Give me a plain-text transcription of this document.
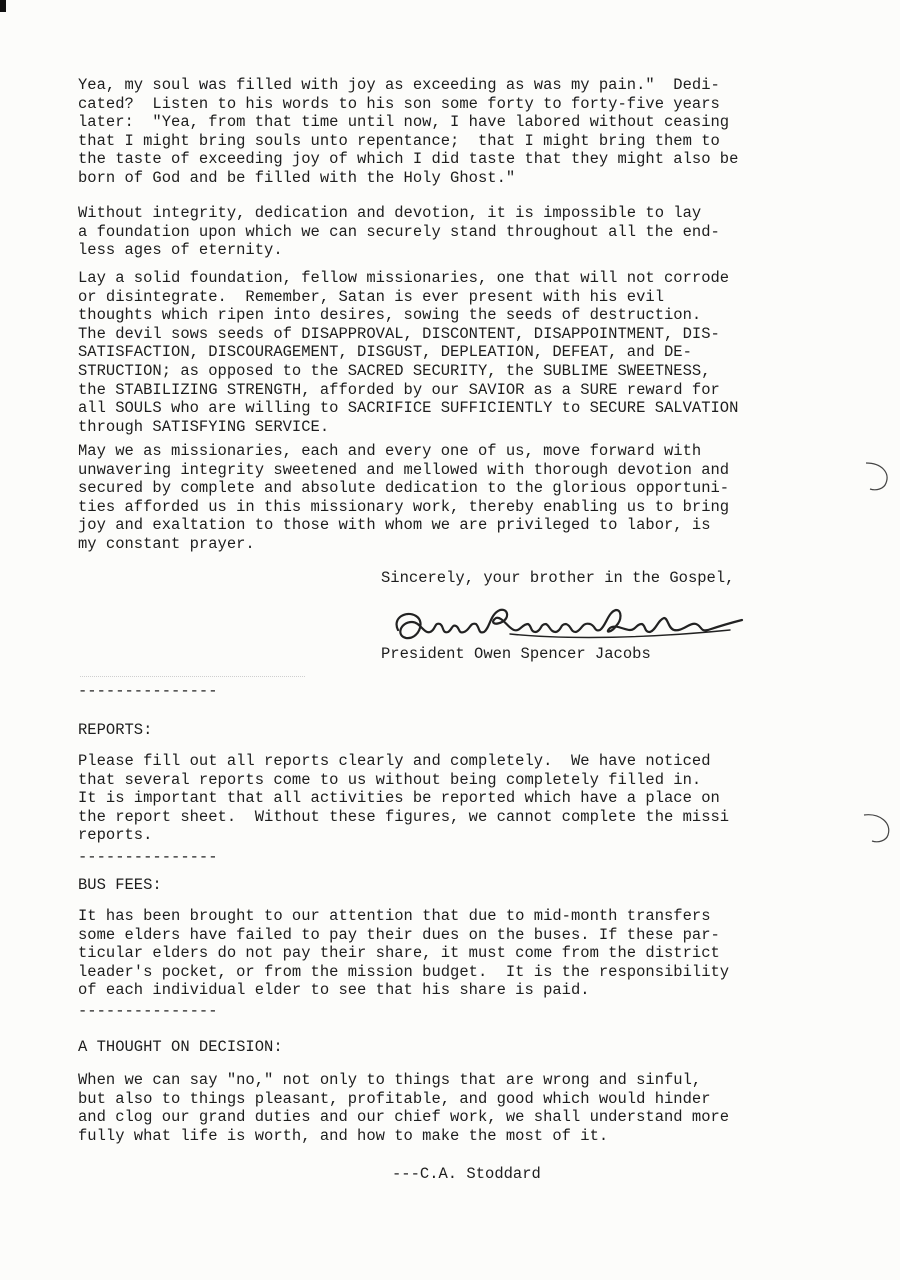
Yea, my soul was filled with joy as exceeding as was my pain."  Dedi-
cated?  Listen to his words to his son some forty to forty-five years
later:  "Yea, from that time until now, I have labored without ceasing
that I might bring souls unto repentance;  that I might bring them to
the taste of exceeding joy of which I did taste that they might also be
born of God and be filled with the Holy Ghost."
Without integrity, dedication and devotion, it is impossible to lay
a foundation upon which we can securely stand throughout all the end-
less ages of eternity.
Lay a solid foundation, fellow missionaries, one that will not corrode
or disintegrate.  Remember, Satan is ever present with his evil
thoughts which ripen into desires, sowing the seeds of destruction.
The devil sows seeds of DISAPPROVAL, DISCONTENT, DISAPPOINTMENT, DIS-
SATISFACTION, DISCOURAGEMENT, DISGUST, DEPLEATION, DEFEAT, and DE-
STRUCTION; as opposed to the SACRED SECURITY, the SUBLIME SWEETNESS,
the STABILIZING STRENGTH, afforded by our SAVIOR as a SURE reward for
all SOULS who are willing to SACRIFICE SUFFICIENTLY to SECURE SALVATION
through SATISFYING SERVICE.
May we as missionaries, each and every one of us, move forward with
unwavering integrity sweetened and mellowed with thorough devotion and
secured by complete and absolute dedication to the glorious opportuni-
ties afforded us in this missionary work, thereby enabling us to bring
joy and exaltation to those with whom we are privileged to labor, is
my constant prayer.
Sincerely, your brother in the Gospel,
President Owen Spencer Jacobs
---------------
REPORTS:
Please fill out all reports clearly and completely.  We have noticed
that several reports come to us without being completely filled in.
It is important that all activities be reported which have a place on
the report sheet.  Without these figures, we cannot complete the missi
reports.
---------------
BUS FEES:
It has been brought to our attention that due to mid-month transfers
some elders have failed to pay their dues on the buses. If these par-
ticular elders do not pay their share, it must come from the district
leader's pocket, or from the mission budget.  It is the responsibility
of each individual elder to see that his share is paid.
---------------
A THOUGHT ON DECISION:
When we can say "no," not only to things that are wrong and sinful,
but also to things pleasant, profitable, and good which would hinder
and clog our grand duties and our chief work, we shall understand more
fully what life is worth, and how to make the most of it.
---C.A. Stoddard
